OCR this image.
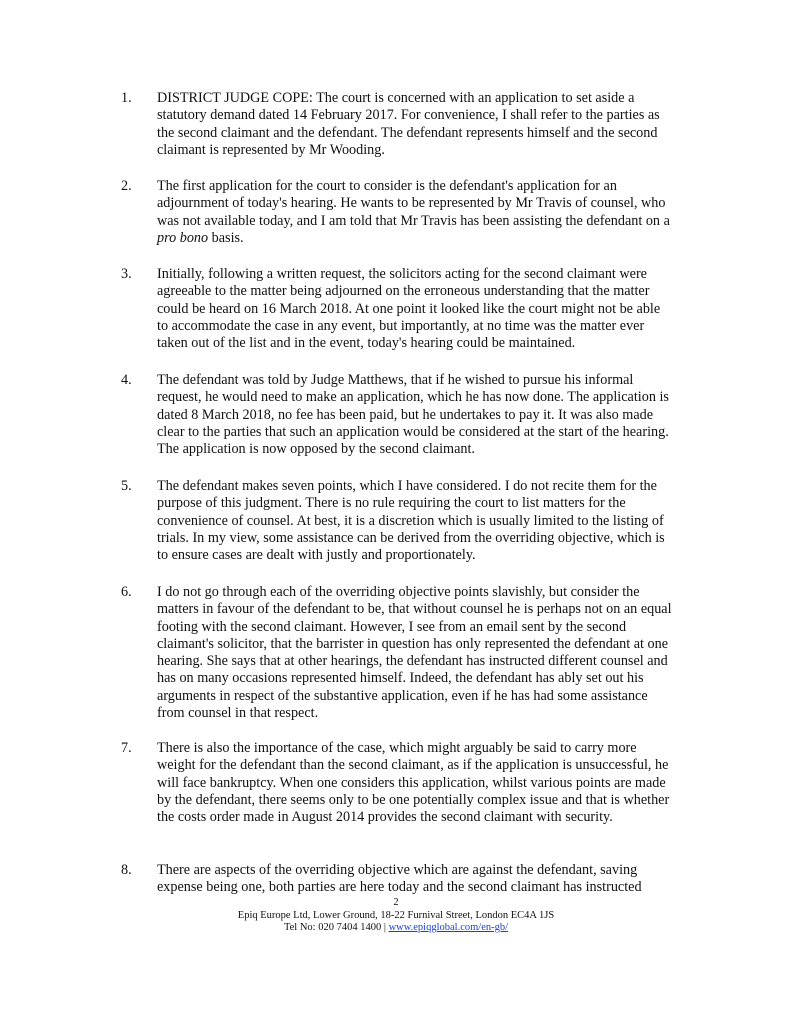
1.	DISTRICT JUDGE COPE: The court is concerned with an application to set aside a statutory demand dated 14 February 2017. For convenience, I shall refer to the parties as the second claimant and the defendant. The defendant represents himself and the second claimant is represented by Mr Wooding.
2.	The first application for the court to consider is the defendant's application for an adjournment of today's hearing. He wants to be represented by Mr Travis of counsel, who was not available today, and I am told that Mr Travis has been assisting the defendant on a pro bono basis.
3.	Initially, following a written request, the solicitors acting for the second claimant were agreeable to the matter being adjourned on the erroneous understanding that the matter could be heard on 16 March 2018. At one point it looked like the court might not be able to accommodate the case in any event, but importantly, at no time was the matter ever taken out of the list and in the event, today's hearing could be maintained.
4.	The defendant was told by Judge Matthews, that if he wished to pursue his informal request, he would need to make an application, which he has now done. The application is dated 8 March 2018, no fee has been paid, but he undertakes to pay it. It was also made clear to the parties that such an application would be considered at the start of the hearing. The application is now opposed by the second claimant.
5.	The defendant makes seven points, which I have considered. I do not recite them for the purpose of this judgment. There is no rule requiring the court to list matters for the convenience of counsel. At best, it is a discretion which is usually limited to the listing of trials. In my view, some assistance can be derived from the overriding objective, which is to ensure cases are dealt with justly and proportionately.
6.	I do not go through each of the overriding objective points slavishly, but consider the matters in favour of the defendant to be, that without counsel he is perhaps not on an equal footing with the second claimant. However, I see from an email sent by the second claimant's solicitor, that the barrister in question has only represented the defendant at one hearing. She says that at other hearings, the defendant has instructed different counsel and has on many occasions represented himself. Indeed, the defendant has ably set out his arguments in respect of the substantive application, even if he has had some assistance from counsel in that respect.
7.	There is also the importance of the case, which might arguably be said to carry more weight for the defendant than the second claimant, as if the application is unsuccessful, he will face bankruptcy. When one considers this application, whilst various points are made by the defendant, there seems only to be one potentially complex issue and that is whether the costs order made in August 2014 provides the second claimant with security.
8.	There are aspects of the overriding objective which are against the defendant, saving expense being one, both parties are here today and the second claimant has instructed
2
Epiq Europe Ltd, Lower Ground, 18-22 Furnival Street, London EC4A 1JS
Tel No: 020 7404 1400 | www.epiqglobal.com/en-gb/
